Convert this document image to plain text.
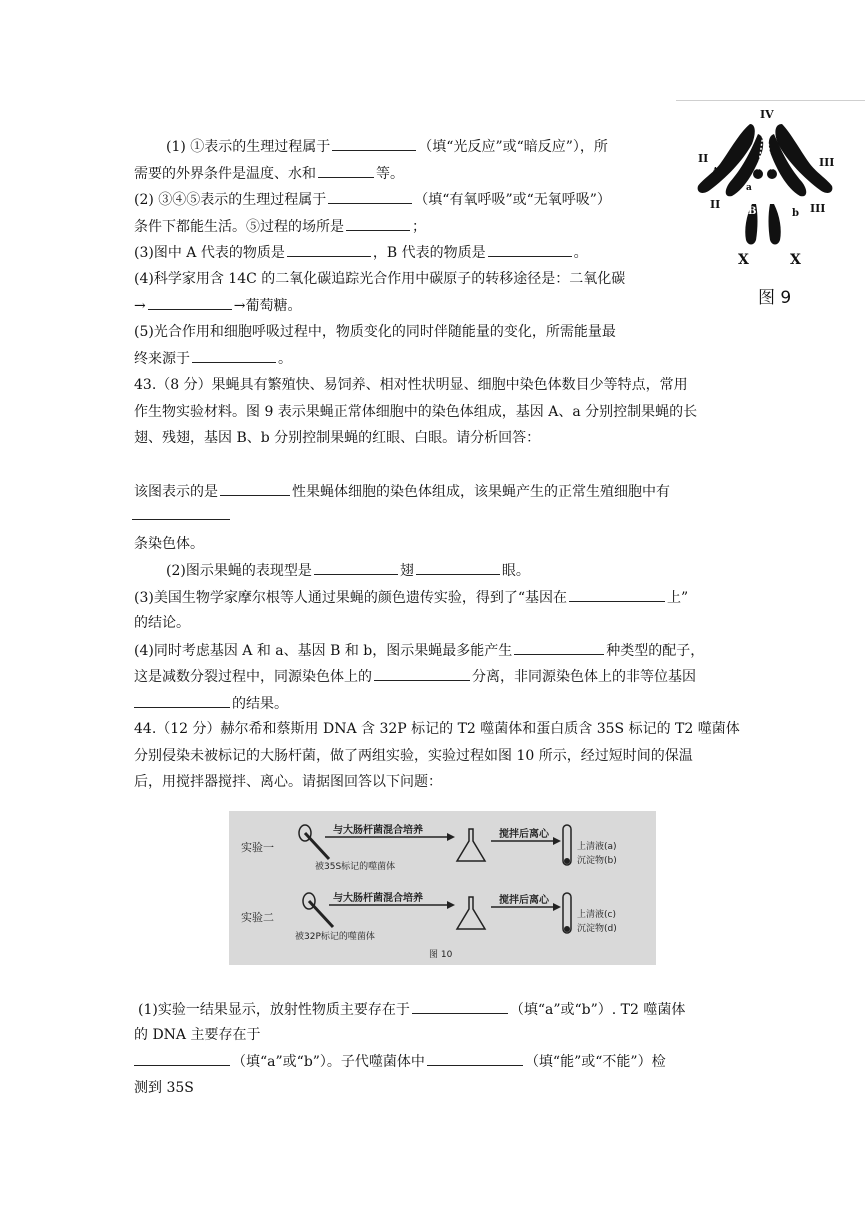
(1) ①表示的生理过程属于	（填“光反应”或“暗反应”），所
需要的外界条件是温度、水和	等。
(2) ③④⑤表示的生理过程属于	（填“有氧呼吸”或“无氧呼吸”）
条件下都能生活。⑤过程的场所是	；
(3)图中 A 代表的物质是	，B 代表的物质是	。
(4)科学家用含 14C 的二氧化碳追踪光合作用中碳原子的转移途径是：二氧化碳
→	→葡萄糖。
(5)光合作用和细胞呼吸过程中，物质变化的同时伴随能量的变化，所需能量最
终来源于	。
43.（8 分）果蝇具有繁殖快、易饲养、相对性状明显、细胞中染色体数目少等特点，常用
作生物实验材料。图 9 表示果蝇正常体细胞中的染色体组成，基因 A、a 分别控制果蝇的长
翅、残翅，基因 B、b 分别控制果蝇的红眼、白眼。请分析回答：
该图表示的是	性果蝇体细胞的染色体组成，该果蝇产生的正常生殖细胞中有
条染色体。
(2)图示果蝇的表现型是	翅	眼。
(3)美国生物学家摩尔根等人通过果蝇的颜色遗传实验，得到了“基因在	上”
的结论。
(4)同时考虑基因 A 和 a、基因 B 和 b，图示果蝇最多能产生	种类型的配子，
这是减数分裂过程中，同源染色体上的	分离，非同源染色体上的非等位基因
的结果。
44.（12 分）赫尔希和蔡斯用 DNA 含 32P 标记的 T2 噬菌体和蛋白质含 35S 标记的 T2 噬菌体
分别侵染未被标记的大肠杆菌，做了两组实验，实验过程如图 10 所示，经过短时间的保温
后，用搅拌器搅拌、离心。请据图回答以下问题：
(1)实验一结果显示，放射性物质主要存在于	（填“a”或“b”）. T2 噬菌体
的 DNA 主要存在于
（填“a”或“b”）。子代噬菌体中	（填“能”或“不能”）检
测到 35S
IV
II	III
A
a
II	III
B	b
X	X
图 9
实验一
实验二
与大肠杆菌混合培养
被35S标记的噬菌体
搅拌后离心
上清液(a)
沉淀物(b)
与大肠杆菌混合培养
被32P标记的噬菌体
搅拌后离心
上清液(c)
沉淀物(d)
图 10
